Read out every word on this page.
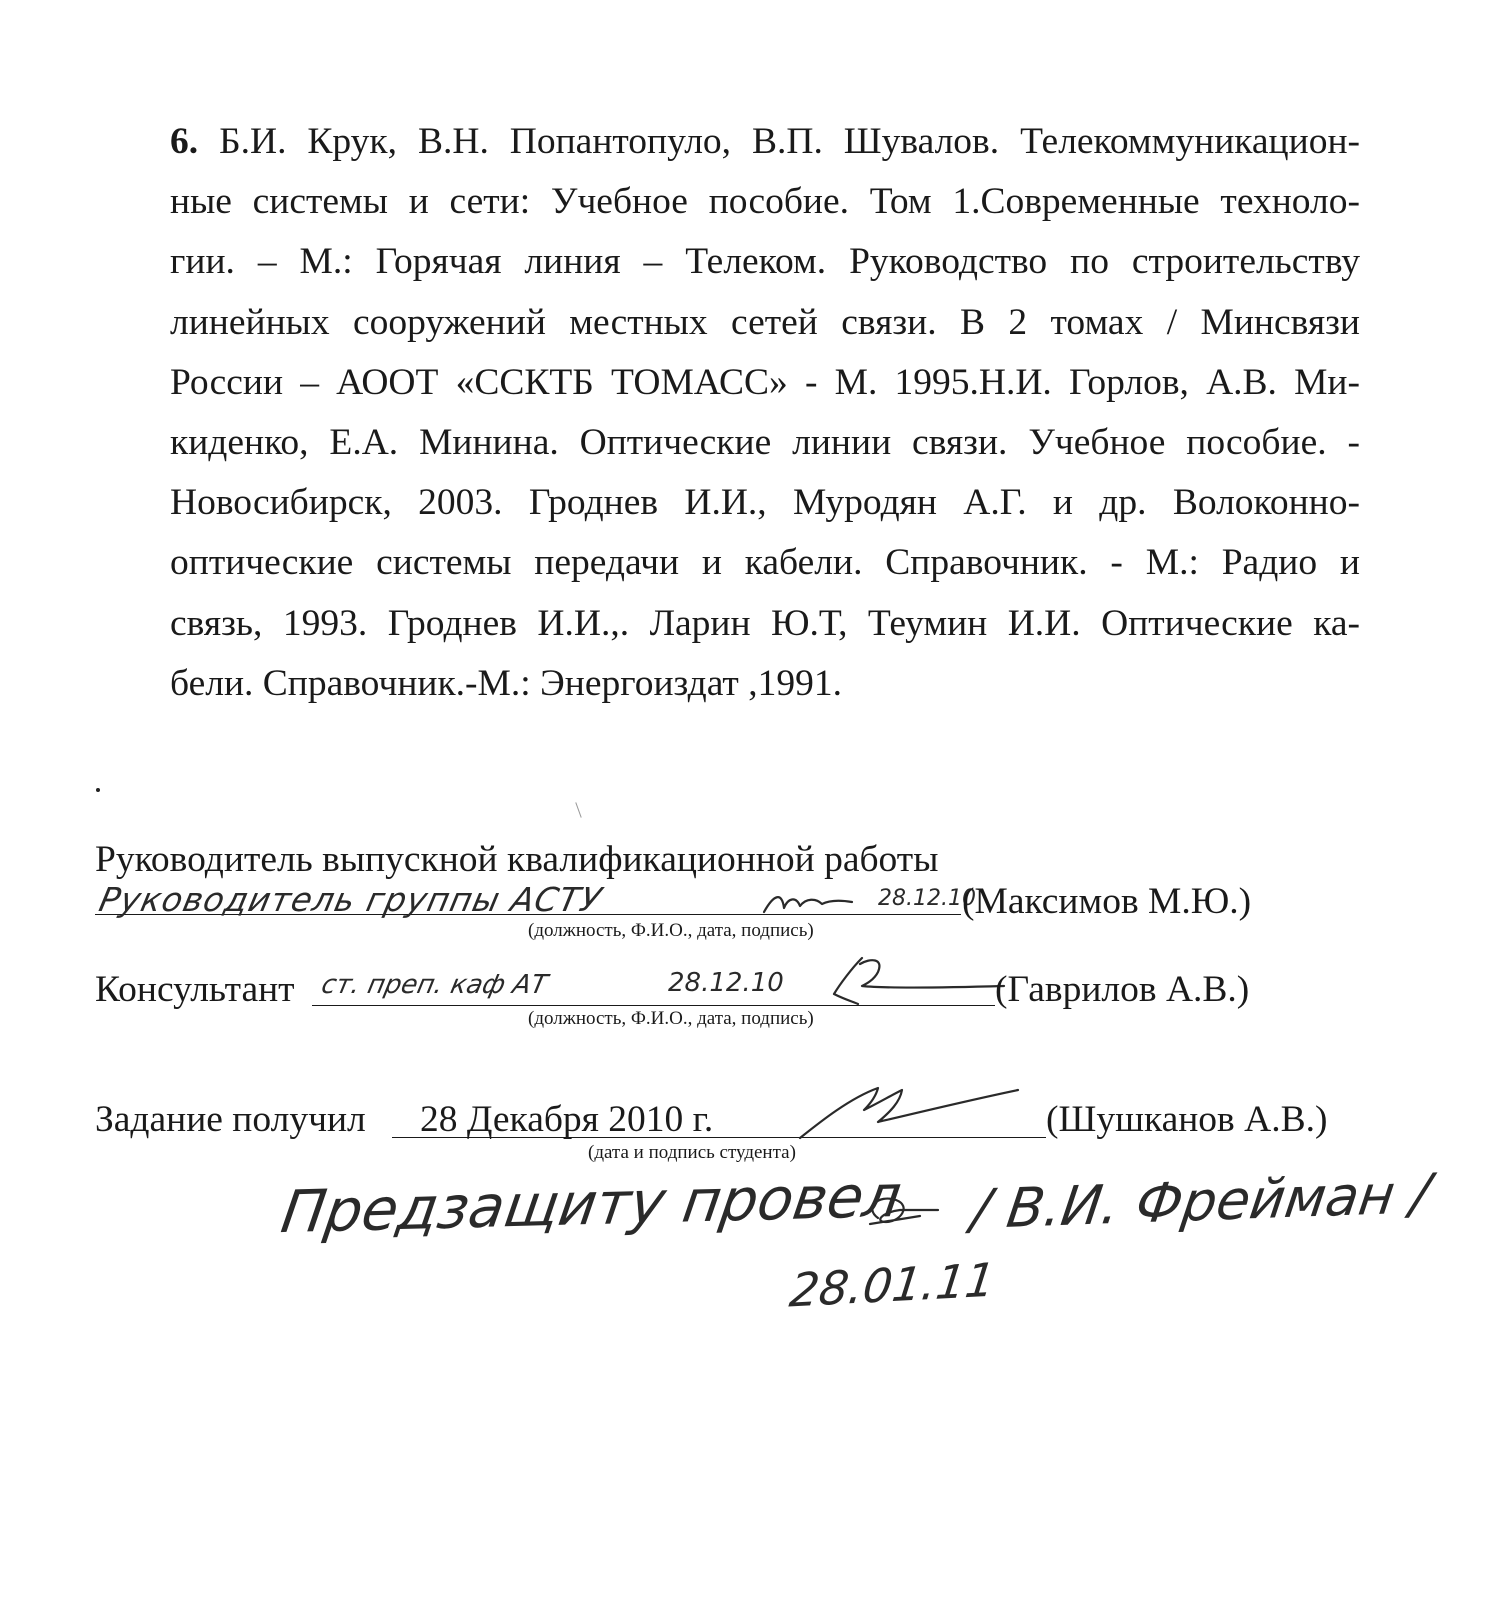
6. Б.И. Крук, В.Н. Попантопуло, В.П. Шувалов. Телекоммуникацион-
ные системы и сети: Учебное пособие. Том 1.Современные техноло-
гии. – М.: Горячая линия – Телеком. Руководство по строительству
линейных сооружений местных сетей связи. В 2 томах / Минсвязи
России – АООТ «ССКТБ ТОМАСС» - М. 1995.Н.И. Горлов, А.В. Ми-
киденко, Е.А. Минина. Оптические линии связи. Учебное пособие. -
Новосибирск, 2003. Гроднев И.И., Муродян А.Г. и др. Волоконно-
оптические системы передачи и кабели. Справочник. - М.: Радио и
связь, 1993. Гроднев И.И.,. Ларин Ю.Т, Теумин И.И. Оптические ка-
бели. Справочник.-М.: Энергоиздат ,1991.
Руководитель выпускной квалификационной работы
Руководитель группы АСТУ	28.12.10
(Максимов М.Ю.)
(должность, Ф.И.О., дата, подпись)
Консультант ст. преп. каф АТ	28.12.10	(Гаврилов А.В.)
(должность, Ф.И.О., дата, подпись)
Задание получил 28 Декабря 2010 г.	(Шушканов А.В.)
(дата и подпись студента)
Предзащиту провел / В.И. Фрейман /
28.01.11
